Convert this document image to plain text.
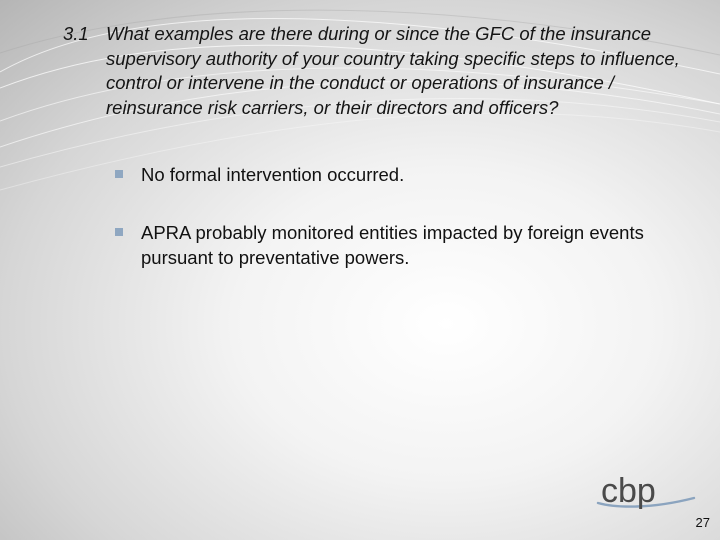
3.1 What examples are there during or since the GFC of the insurance supervisory authority of your country taking specific steps to influence, control or intervene in the conduct or operations of insurance / reinsurance risk carriers, or their directors and officers?
No formal intervention occurred.
APRA probably monitored entities impacted by foreign events pursuant to preventative powers.
cbp
27
